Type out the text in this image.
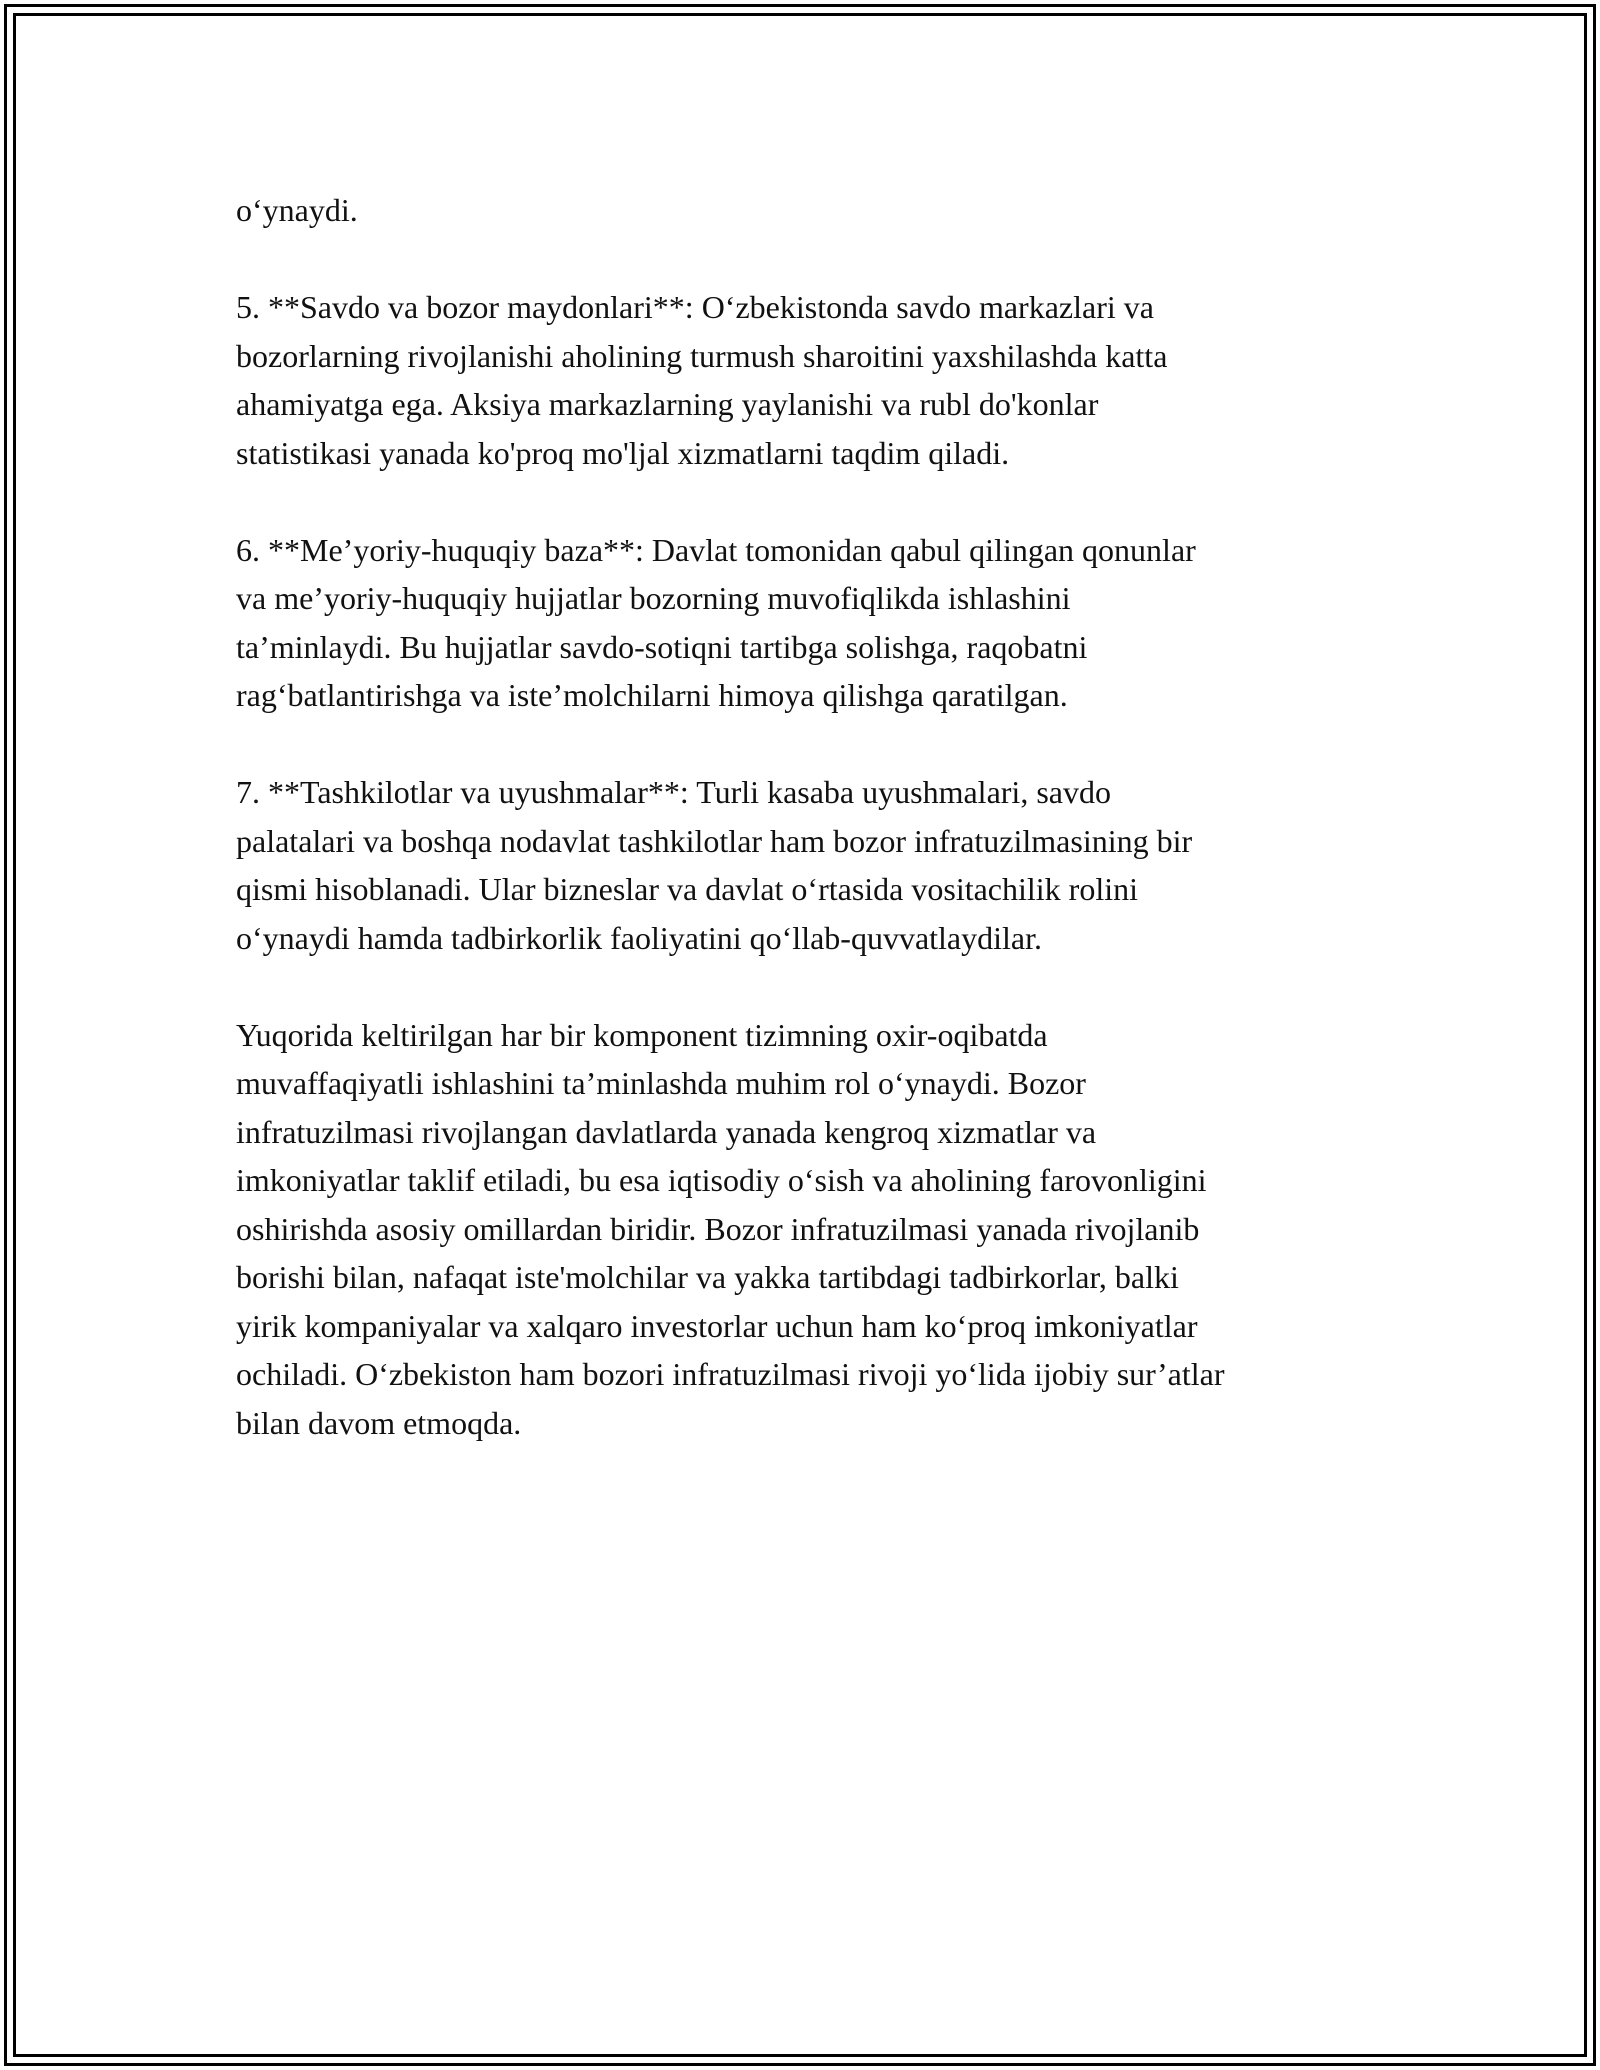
o‘ynaydi.

5. **Savdo va bozor maydonlari**: O‘zbekistonda savdo markazlari va
bozorlarning rivojlanishi aholining turmush sharoitini yaxshilashda katta
ahamiyatga ega. Aksiya markazlarning yaylanishi va rubl do'konlar
statistikasi yanada ko'proq mo'ljal xizmatlarni taqdim qiladi.

6. **Me’yoriy-huquqiy baza**: Davlat tomonidan qabul qilingan qonunlar
va me’yoriy-huquqiy hujjatlar bozorning muvofiqlikda ishlashini
ta’minlaydi. Bu hujjatlar savdo-sotiqni tartibga solishga, raqobatni
rag‘batlantirishga va iste’molchilarni himoya qilishga qaratilgan.

7. **Tashkilotlar va uyushmalar**: Turli kasaba uyushmalari, savdo
palatalari va boshqa nodavlat tashkilotlar ham bozor infratuzilmasining bir
qismi hisoblanadi. Ular bizneslar va davlat o‘rtasida vositachilik rolini
o‘ynaydi hamda tadbirkorlik faoliyatini qo‘llab-quvvatlaydilar.

Yuqorida keltirilgan har bir komponent tizimning oxir-oqibatda
muvaffaqiyatli ishlashini ta’minlashda muhim rol o‘ynaydi. Bozor
infratuzilmasi rivojlangan davlatlarda yanada kengroq xizmatlar va
imkoniyatlar taklif etiladi, bu esa iqtisodiy o‘sish va aholining farovonligini
oshirishda asosiy omillardan biridir. Bozor infratuzilmasi yanada rivojlanib
borishi bilan, nafaqat iste'molchilar va yakka tartibdagi tadbirkorlar, balki
yirik kompaniyalar va xalqaro investorlar uchun ham ko‘proq imkoniyatlar
ochiladi. O‘zbekiston ham bozori infratuzilmasi rivoji yo‘lida ijobiy sur’atlar
bilan davom etmoqda.
